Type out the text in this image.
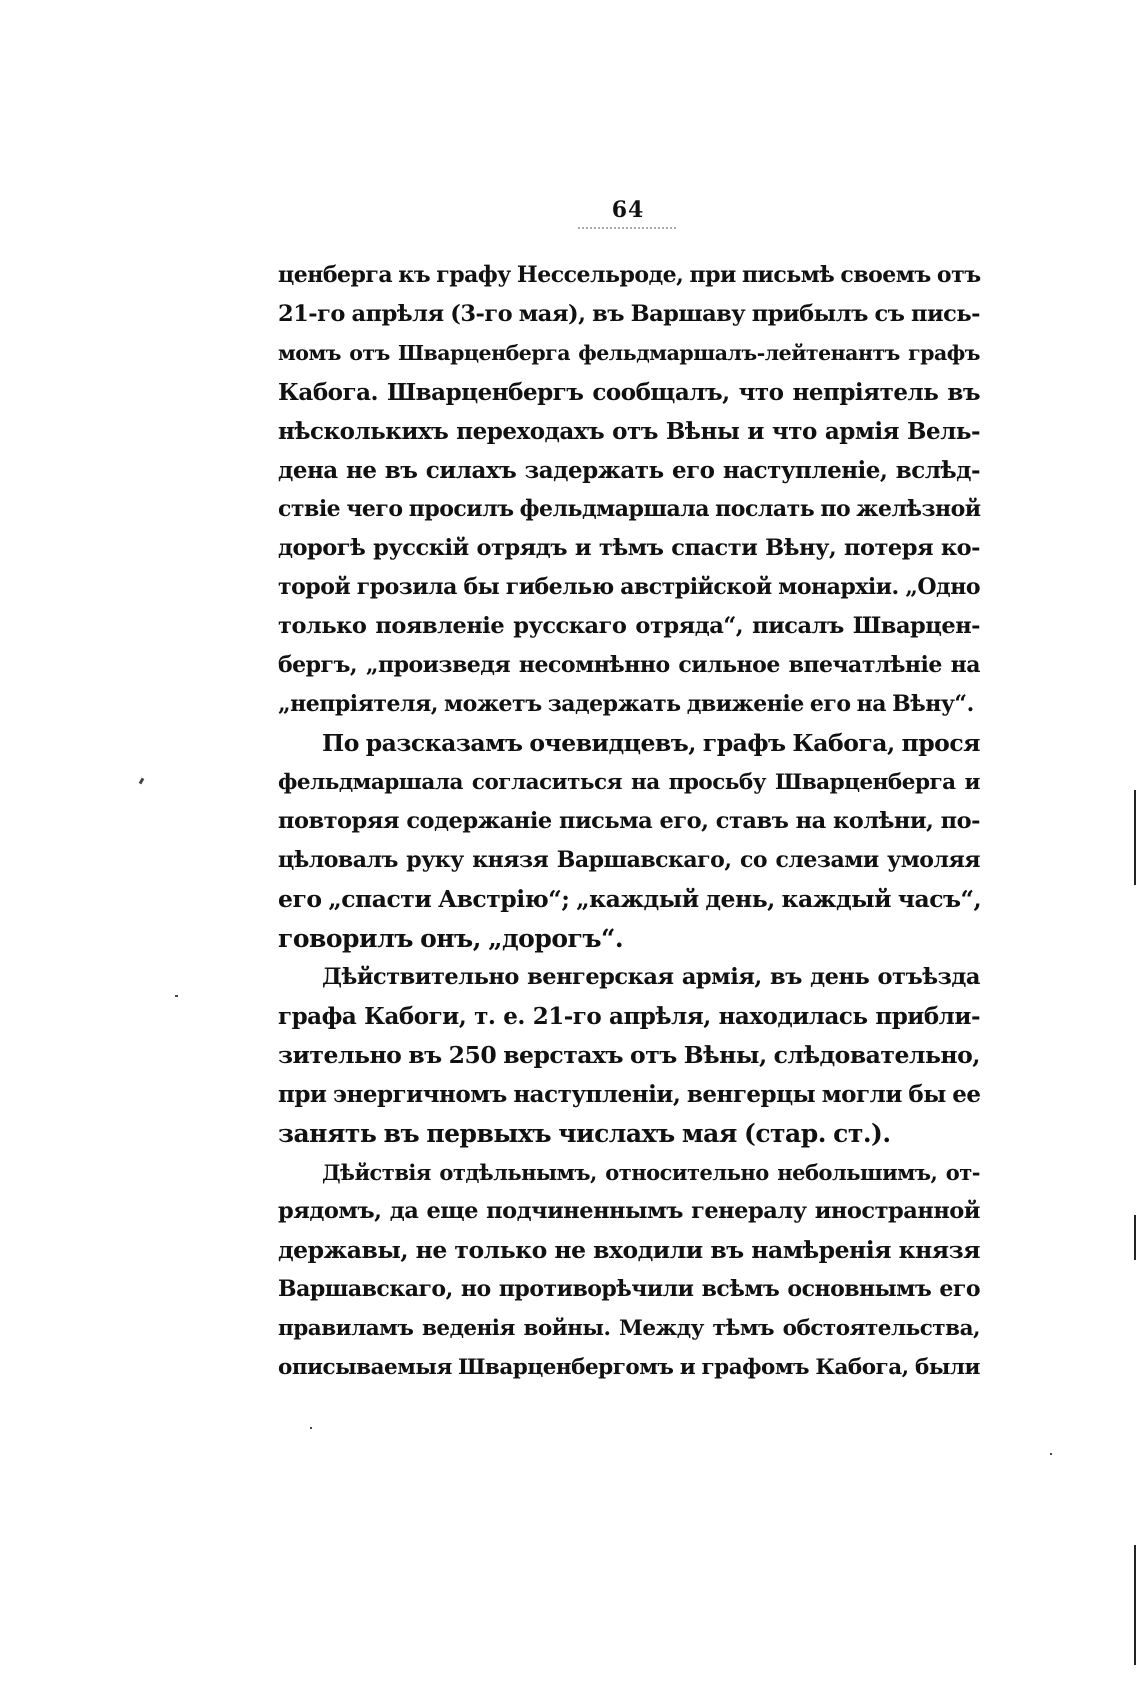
64
ценберга къ графу Нессельроде, при письмѣ своемъ отъ
21-го апрѣля (3-го мая), въ Варшаву прибылъ съ пись-
момъ отъ Шварценберга фельдмаршалъ-лейтенантъ графъ
Кабога. Шварценбергъ сообщалъ, что непріятель въ
нѣсколькихъ переходахъ отъ Вѣны и что армія Вель-
дена не въ силахъ задержать его наступленіе, вслѣд-
ствіе чего просилъ фельдмаршала послать по желѣзной
дорогѣ русскій отрядъ и тѣмъ спасти Вѣну, потеря ко-
торой грозила бы гибелью австрійской монархіи. „Одно
только появленіе русскаго отряда“, писалъ Шварцен-
бергъ, „произведя несомнѣнно сильное впечатлѣніе на
„непріятеля, можетъ задержать движеніе его на Вѣну“.
По разсказамъ очевидцевъ, графъ Кабога, прося
фельдмаршала согласиться на просьбу Шварценберга и
повторяя содержаніе письма его, ставъ на колѣни, по-
цѣловалъ руку князя Варшавскаго, со слезами умоляя
его „спасти Австрію“; „каждый день, каждый часъ“,
говорилъ онъ, „дорогъ“.
Дѣйствительно венгерская армія, въ день отъѣзда
графа Кабоги, т. е. 21-го апрѣля, находилась прибли-
зительно въ 250 верстахъ отъ Вѣны, слѣдовательно,
при энергичномъ наступленіи, венгерцы могли бы ее
занять въ первыхъ числахъ мая (стар. ст.).
Дѣйствія отдѣльнымъ, относительно небольшимъ, от-
рядомъ, да еще подчиненнымъ генералу иностранной
державы, не только не входили въ намѣренія князя
Варшавскаго, но противорѣчили всѣмъ основнымъ его
правиламъ веденія войны. Между тѣмъ обстоятельства,
описываемыя Шварценбергомъ и графомъ Кабога, были
